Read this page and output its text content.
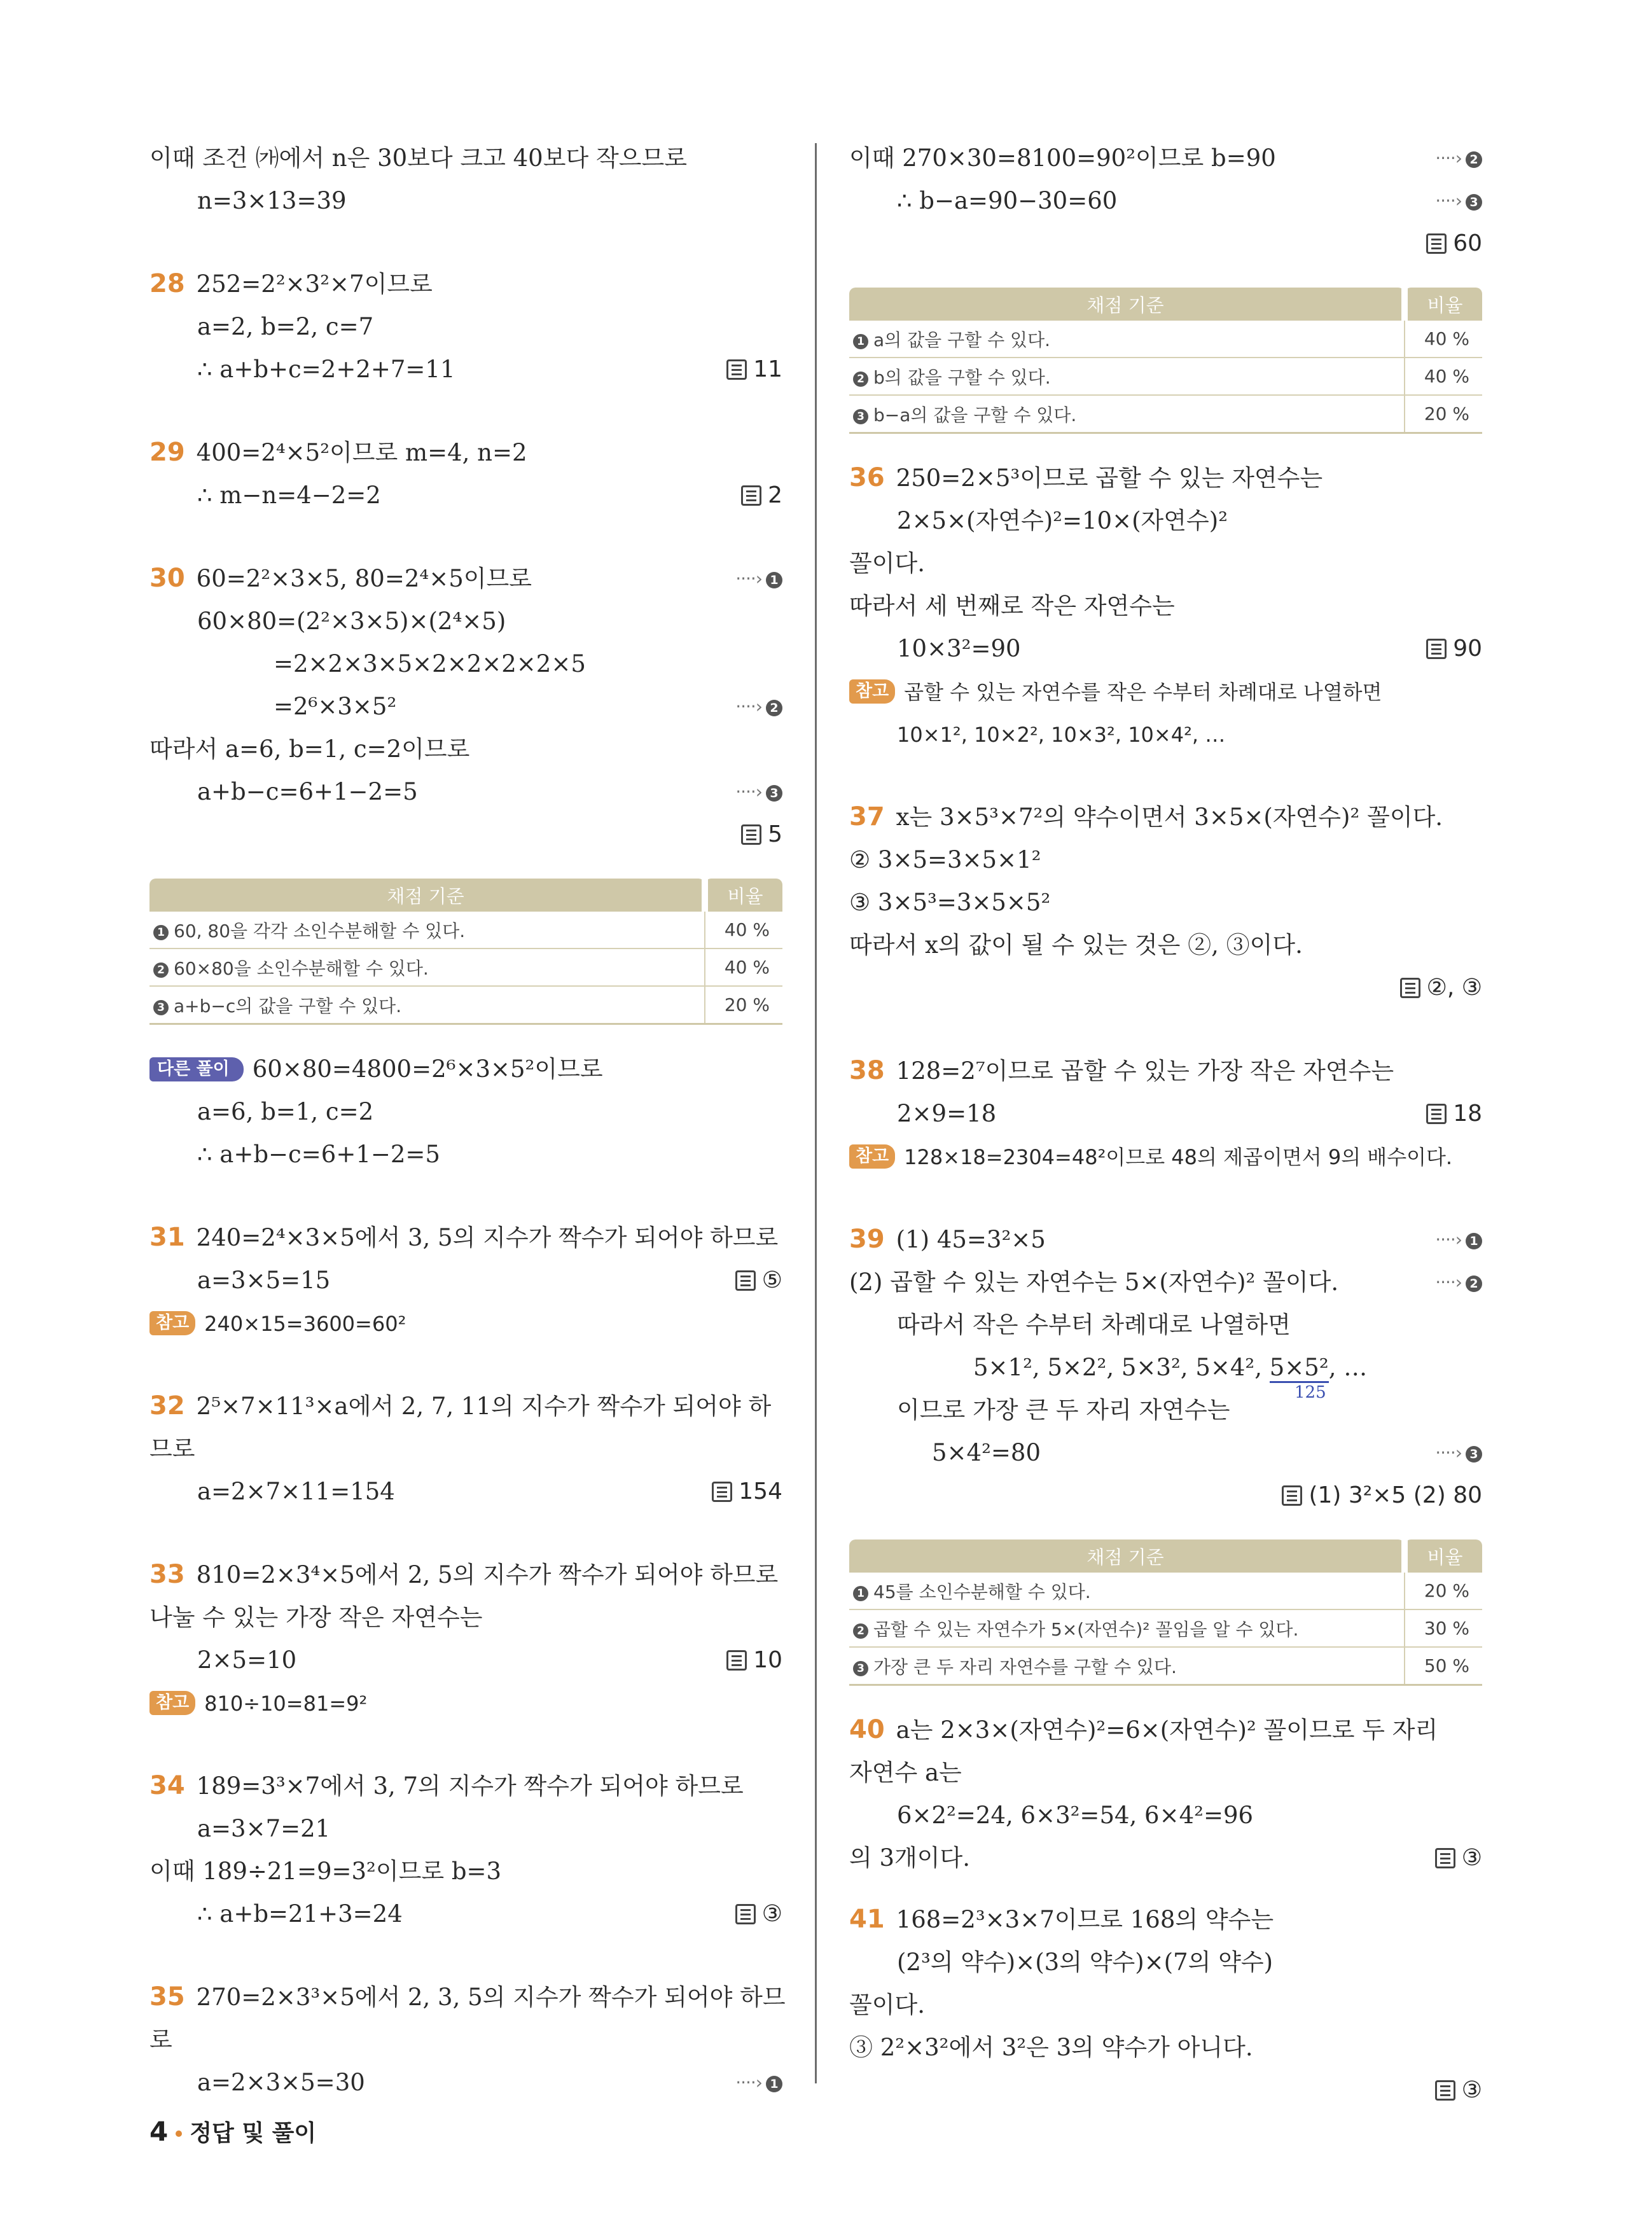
이때 조건 ㈎에서 n은 30보다 크고 40보다 작으므로
n=3×13=39
28 252=2²×3²×7이므로
a=2, b=2, c=7
∴ a+b+c=2+2+7=11	11
29 400=2⁴×5²이므로 m=4, n=2
∴ m−n=4−2=2	2
30 60=2²×3×5, 80=2⁴×5이므로	····› 1
60×80=(2²×3×5)×(2⁴×5)
=2×2×3×5×2×2×2×2×5
=2⁶×3×5²	····› 2
따라서 a=6, b=1, c=2이므로
a+b−c=6+1−2=5	····› 3
5
채점 기준	비율
1 60, 80을 각각 소인수분해할 수 있다.	40 %
2 60×80을 소인수분해할 수 있다.	40 %
3 a+b−c의 값을 구할 수 있다.	20 %
다른 풀이 60×80=4800=2⁶×3×5²이므로
a=6, b=1, c=2
∴ a+b−c=6+1−2=5
31 240=2⁴×3×5에서 3, 5의 지수가 짝수가 되어야 하므로
a=3×5=15	⑤
참고 240×15=3600=60²
32 2⁵×7×11³×a에서 2, 7, 11의 지수가 짝수가 되어야 하
므로
a=2×7×11=154	154
33 810=2×3⁴×5에서 2, 5의 지수가 짝수가 되어야 하므로
나눌 수 있는 가장 작은 자연수는
2×5=10	10
참고 810÷10=81=9²
34 189=3³×7에서 3, 7의 지수가 짝수가 되어야 하므로
a=3×7=21
이때 189÷21=9=3²이므로 b=3
∴ a+b=21+3=24	③
35 270=2×3³×5에서 2, 3, 5의 지수가 짝수가 되어야 하므
로
a=2×3×5=30	····› 1
이때 270×30=8100=90²이므로 b=90	····› 2
∴ b−a=90−30=60	····› 3
60
채점 기준	비율
1 a의 값을 구할 수 있다.	40 %
2 b의 값을 구할 수 있다.	40 %
3 b−a의 값을 구할 수 있다.	20 %
36 250=2×5³이므로 곱할 수 있는 자연수는
2×5×(자연수)²=10×(자연수)²
꼴이다.
따라서 세 번째로 작은 자연수는
10×3²=90	90
참고 곱할 수 있는 자연수를 작은 수부터 차례대로 나열하면
10×1², 10×2², 10×3², 10×4², …
37 x는 3×5³×7²의 약수이면서 3×5×(자연수)² 꼴이다.
② 3×5=3×5×1²
③ 3×5³=3×5×5²
따라서 x의 값이 될 수 있는 것은 ②, ③이다.
②, ③
38 128=2⁷이므로 곱할 수 있는 가장 작은 자연수는
2×9=18	18
참고 128×18=2304=48²이므로 48의 제곱이면서 9의 배수이다.
39 (1) 45=3²×5	····› 1
(2) 곱할 수 있는 자연수는 5×(자연수)² 꼴이다.	····› 2
따라서 작은 수부터 차례대로 나열하면
5×1², 5×2², 5×3², 5×4², 5×5², …
125
이므로 가장 큰 두 자리 자연수는
5×4²=80	····› 3
(1) 3²×5 (2) 80
채점 기준	비율
1 45를 소인수분해할 수 있다.	20 %
2 곱할 수 있는 자연수가 5×(자연수)² 꼴임을 알 수 있다.	30 %
3 가장 큰 두 자리 자연수를 구할 수 있다.	50 %
40 a는 2×3×(자연수)²=6×(자연수)² 꼴이므로 두 자리
자연수 a는
6×2²=24, 6×3²=54, 6×4²=96
의 3개이다.	③
41 168=2³×3×7이므로 168의 약수는
(2³의 약수)×(3의 약수)×(7의 약수)
꼴이다.
③ 2²×3²에서 3²은 3의 약수가 아니다.
③
4 정답 및 풀이
